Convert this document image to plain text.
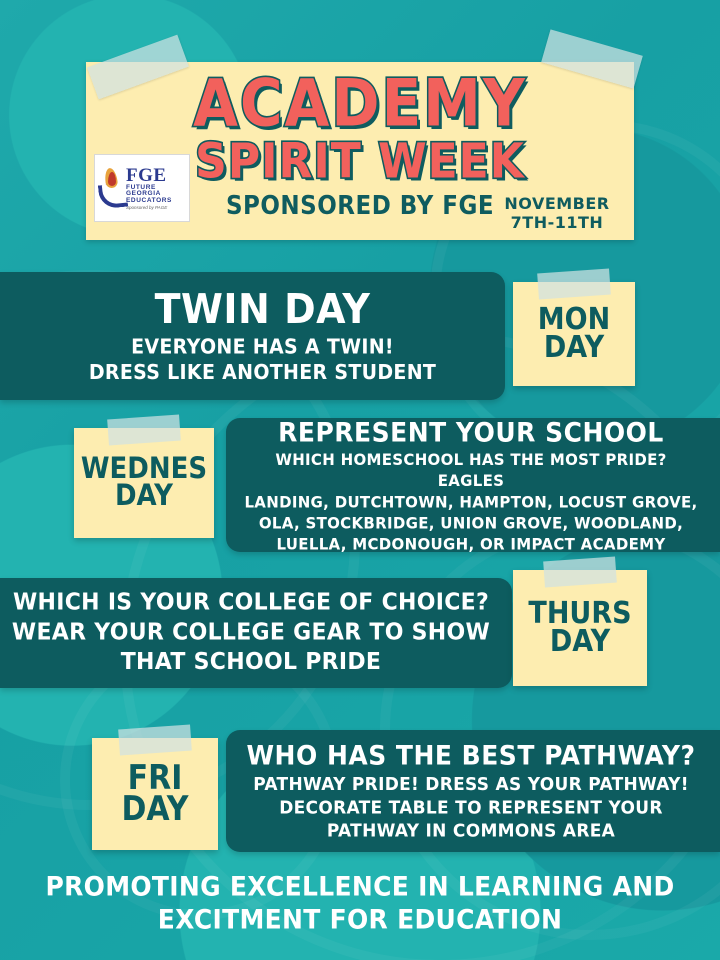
ACADEMY
SPIRIT WEEK
SPONSORED BY FGE NOVEMBER
7TH-11TH
FGE
FUTURE
GEORGIA
EDUCATORS
Sponsored by PAGE
TWIN DAY
EVERYONE HAS A TWIN!
DRESS LIKE ANOTHER STUDENT
MON
DAY
WEDNES
DAY
REPRESENT YOUR SCHOOL
WHICH HOMESCHOOL HAS THE MOST PRIDE? EAGLES
LANDING, DUTCHTOWN, HAMPTON, LOCUST GROVE,
OLA, STOCKBRIDGE, UNION GROVE, WOODLAND,
LUELLA, MCDONOUGH, OR IMPACT ACADEMY
WHICH IS YOUR COLLEGE OF CHOICE?
WEAR YOUR COLLEGE GEAR TO SHOW
THAT SCHOOL PRIDE
THURS
DAY
FRI
DAY
WHO HAS THE BEST PATHWAY?
PATHWAY PRIDE! DRESS AS YOUR PATHWAY!
DECORATE TABLE TO REPRESENT YOUR
PATHWAY IN COMMONS AREA
PROMOTING EXCELLENCE IN LEARNING AND
EXCITMENT FOR EDUCATION
